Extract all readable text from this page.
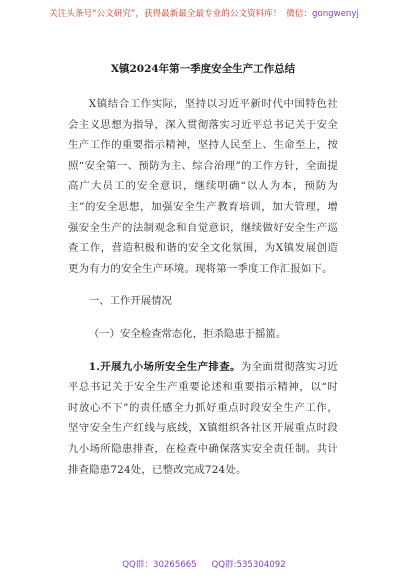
关注头条号“公文研究”，获得最新最全最专业的公文资料库！ 微信：gongwenyj
X镇2024年第一季度安全生产工作总结

X镇结合工作实际，坚持以习近平新时代中国特色社会主义思想为指导，深入贯彻落实习近平总书记关于安全生产工作的重要指示精神，坚持人民至上、生命至上，按照“安全第一、预防为主、综合治理”的工作方针，全面提高广大员工的安全意识，继续明确“以人为本，预防为主”的安全思想，加强安全生产教育培训，加大管理，增强安全生产的法制观念和自觉意识，继续做好安全生产巡查工作，营造积极和谐的安全文化氛围，为X镇发展创造更为有力的安全生产环境。现将第一季度工作汇报如下。

一、工作开展情况

（一）安全检查常态化，拒杀隐患于摇篮。

1.开展九小场所安全生产排查。为全面贯彻落实习近平总书记关于安全生产重要论述和重要指示精神，以“时时放心不下”的责任感全力抓好重点时段安全生产工作，坚守安全生产红线与底线，X镇组织各社区开展重点时段九小场所隐患排查，在检查中确保落实安全责任制。共计排查隐患724处，已整改完成724处。

QQ群：30265665 QQ群:535304092
